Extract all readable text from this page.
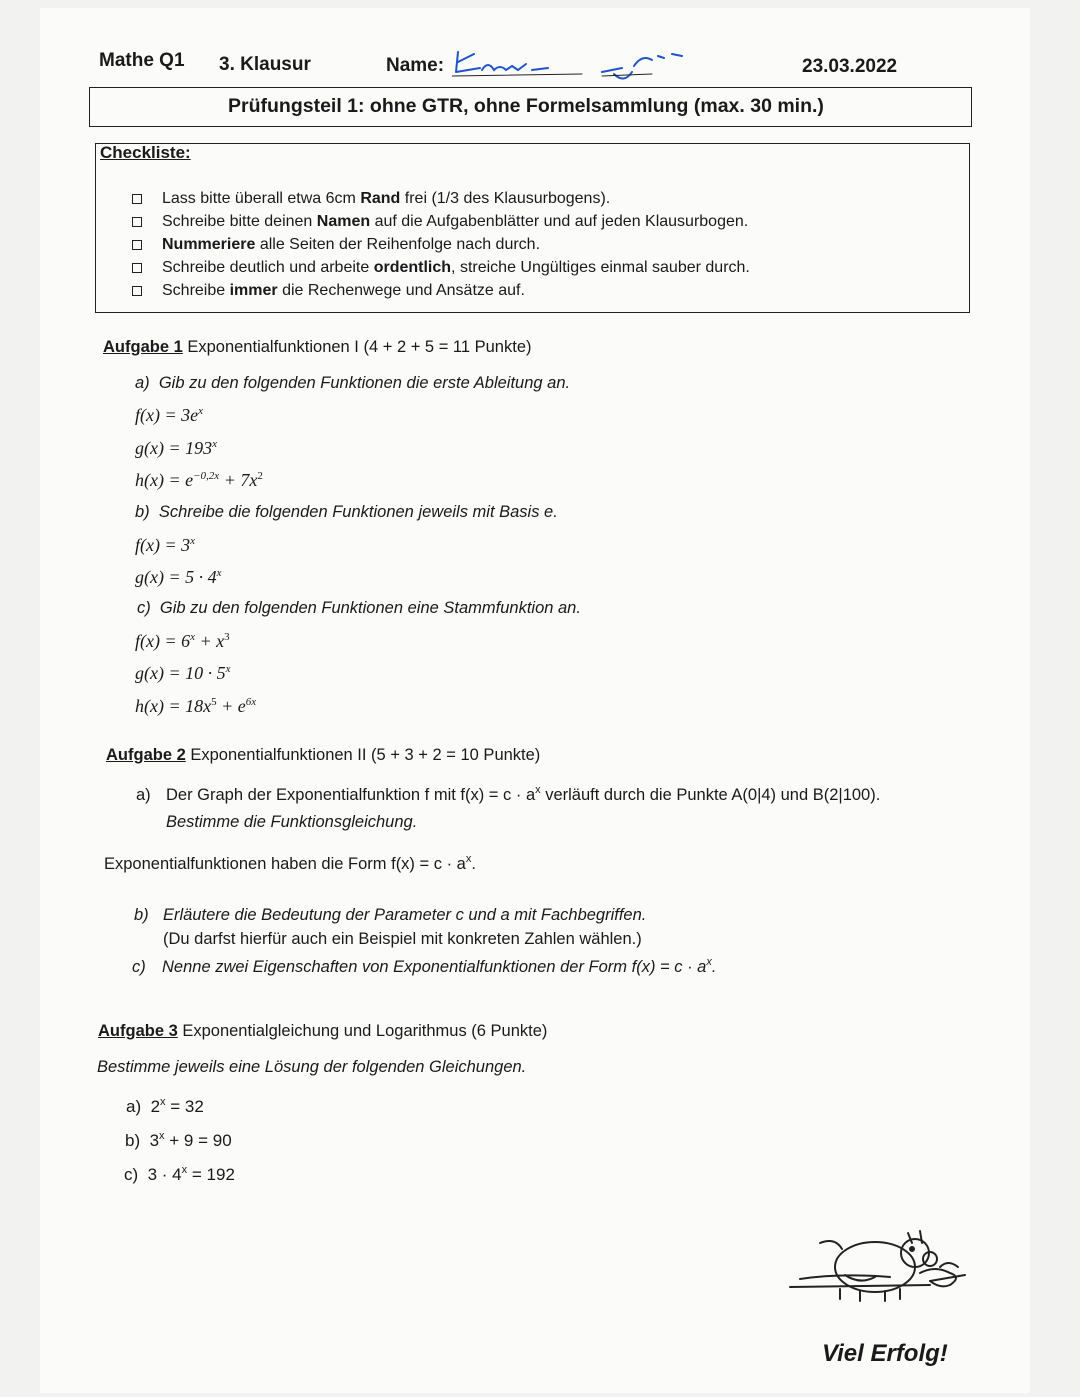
Mathe Q1 3. Klausur	Name:	23.03.2022
Prüfungsteil 1: ohne GTR, ohne Formelsammlung (max. 30 min.)
Checkliste:
Lass bitte überall etwa 6cm Rand frei (1/3 des Klausurbogens).
Schreibe bitte deinen Namen auf die Aufgabenblätter und auf jeden Klausurbogen.
Nummeriere alle Seiten der Reihenfolge nach durch.
Schreibe deutlich und arbeite ordentlich, streiche Ungültiges einmal sauber durch.
Schreibe immer die Rechenwege und Ansätze auf.
Aufgabe 1 Exponentialfunktionen I (4 + 2 + 5 = 11 Punkte)
a) Gib zu den folgenden Funktionen die erste Ableitung an.
$f(x) = 3e^x$
$g(x) = 193^x$
$h(x) = e^{-0,2x} + 7x^2$
b) Schreibe die folgenden Funktionen jeweils mit Basis e.
$f(x) = 3^x$
$g(x) = 5 \cdot 4^x$
c) Gib zu den folgenden Funktionen eine Stammfunktion an.
$f(x) = 6^x + x^3$
$g(x) = 10 \cdot 5^x$
$h(x) = 18x^5 + e^{6x}$
Aufgabe 2 Exponentialfunktionen II (5 + 3 + 2 = 10 Punkte)
a) Der Graph der Exponentialfunktion f mit $f(x) = c \cdot a^x$ verläuft durch die Punkte A(0|4) und B(2|100).
Bestimme die Funktionsgleichung.
Exponentialfunktionen haben die Form $f(x) = c \cdot a^x$.
b) Erläutere die Bedeutung der Parameter c und a mit Fachbegriffen.
(Du darfst hierfür auch ein Beispiel mit konkreten Zahlen wählen.)
c) Nenne zwei Eigenschaften von Exponentialfunktionen der Form $f(x) = c \cdot a^x$.
Aufgabe 3 Exponentialgleichung und Logarithmus (6 Punkte)
Bestimme jeweils eine Lösung der folgenden Gleichungen.
a) $2^x = 32$
b) $3^x + 9 = 90$
c) $3 \cdot 4^x = 192$
Viel Erfolg!
